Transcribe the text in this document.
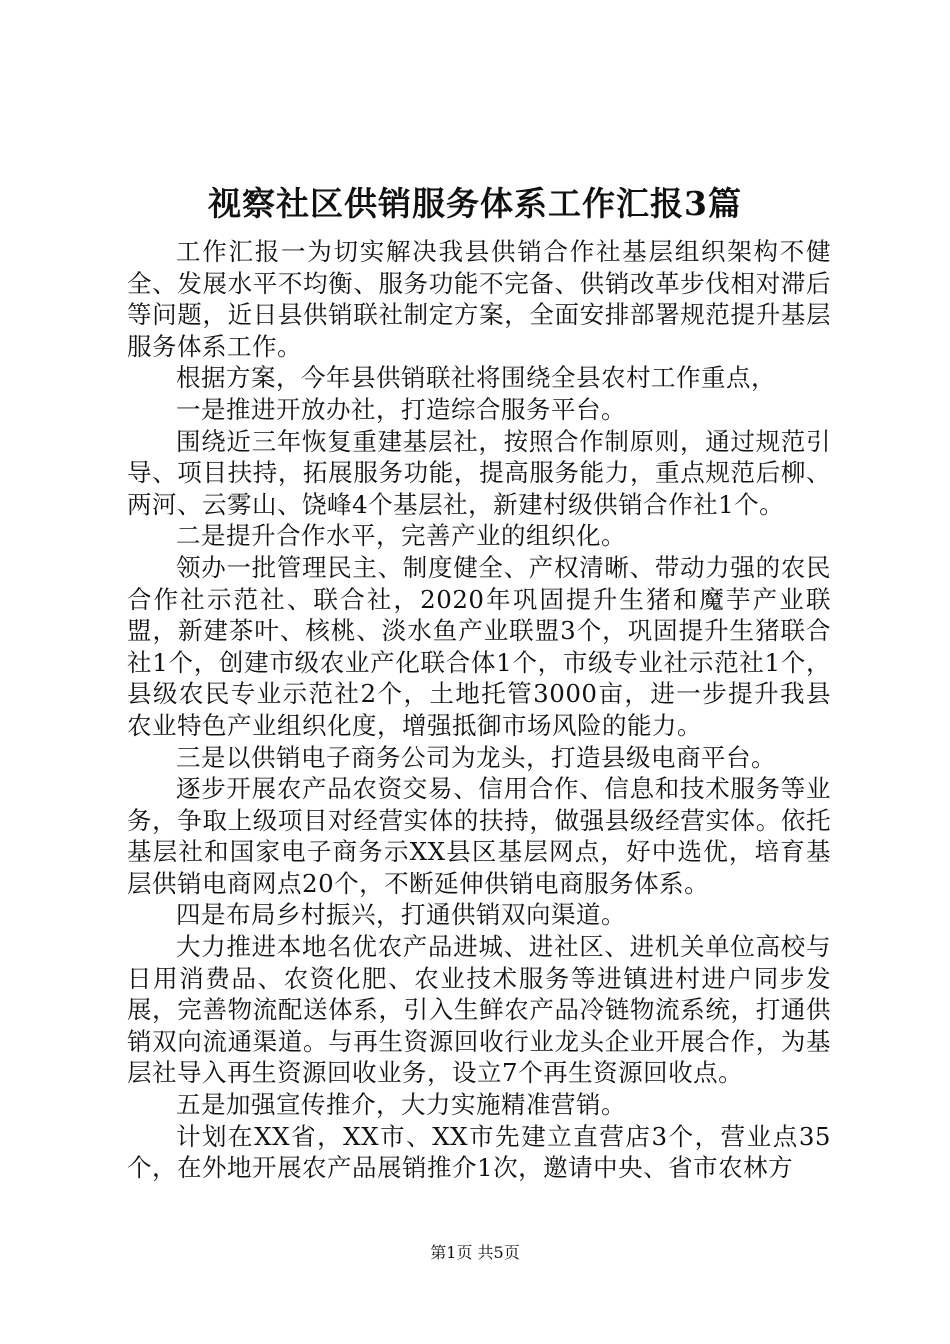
视察社区供销服务体系工作汇报3篇

工作汇报一为切实解决我县供销合作社基层组织架构不健全、发展水平不均衡、服务功能不完备、供销改革步伐相对滞后等问题，近日县供销联社制定方案，全面安排部署规范提升基层服务体系工作。

根据方案，今年县供销联社将围绕全县农村工作重点，

一是推进开放办社，打造综合服务平台。

围绕近三年恢复重建基层社，按照合作制原则，通过规范引导、项目扶持，拓展服务功能，提高服务能力，重点规范后柳、两河、云雾山、饶峰4个基层社，新建村级供销合作社1个。

二是提升合作水平，完善产业的组织化。

领办一批管理民主、制度健全、产权清晰、带动力强的农民合作社示范社、联合社，2020年巩固提升生猪和魔芋产业联盟，新建茶叶、核桃、淡水鱼产业联盟3个，巩固提升生猪联合社1个，创建市级农业产化联合体1个，市级专业社示范社1个，县级农民专业示范社2个，土地托管3000亩，进一步提升我县农业特色产业组织化度，增强抵御市场风险的能力。

三是以供销电子商务公司为龙头，打造县级电商平台。

逐步开展农产品农资交易、信用合作、信息和技术服务等业务，争取上级项目对经营实体的扶持，做强县级经营实体。依托基层社和国家电子商务示XX县区基层网点，好中选优，培育基层供销电商网点20个，不断延伸供销电商服务体系。

四是布局乡村振兴，打通供销双向渠道。

大力推进本地名优农产品进城、进社区、进机关单位高校与日用消费品、农资化肥、农业技术服务等进镇进村进户同步发展，完善物流配送体系，引入生鲜农产品冷链物流系统，打通供销双向流通渠道。与再生资源回收行业龙头企业开展合作，为基层社导入再生资源回收业务，设立7个再生资源回收点。

五是加强宣传推介，大力实施精准营销。

计划在XX省，XX市、XX市先建立直营店3个，营业点35个，在外地开展农产品展销推介1次，邀请中央、省市农林方

第1页 共5页
